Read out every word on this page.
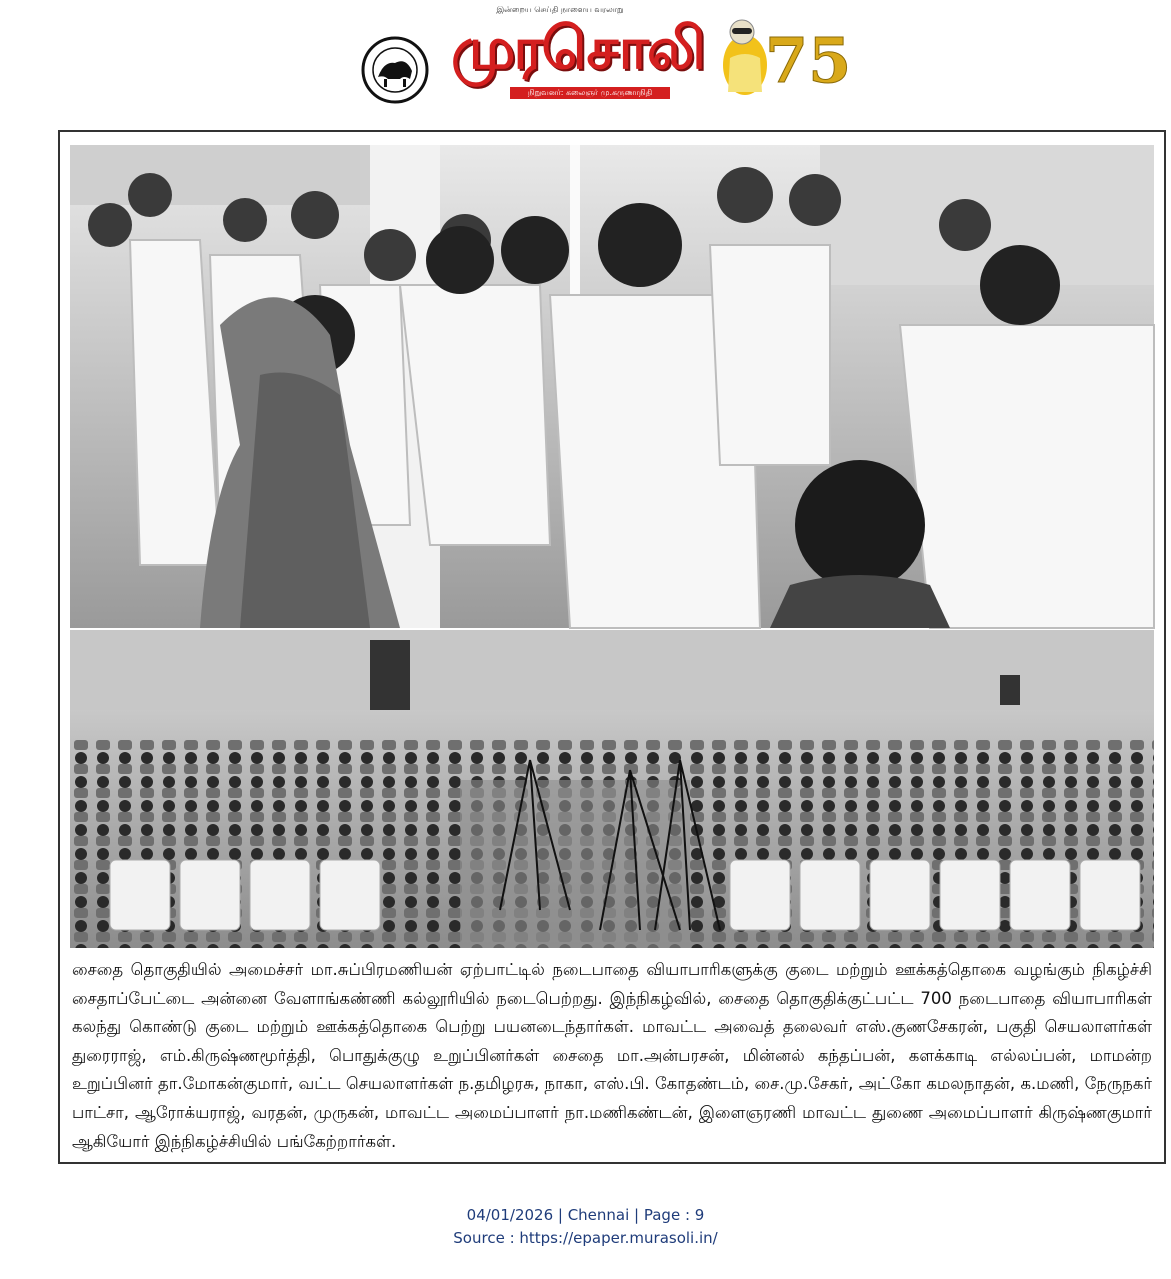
இன்றைய செய்தி நாளைய வரலாறு
முரசொலி
நிறுவனர்: கலைஞர் மு.கருணாநிதி 75
சைதை தொகுதியில் அமைச்சர் மா.சுப்பிரமணியன் ஏற்பாட்டில் நடைபாதை வியாபாரிகளுக்கு குடை மற்றும் ஊக்கத்தொகை வழங்கும் நிகழ்ச்சி சைதாப்பேட்டை அன்னை வேளாங்கண்ணி கல்லூரியில் நடைபெற்றது. இந்நிகழ்வில், சைதை தொகுதிக்குட்பட்ட 700 நடைபாதை வியாபாரிகள் கலந்து கொண்டு குடை மற்றும் ஊக்கத்தொகை பெற்று பயனடைந்தார்கள். மாவட்ட அவைத் தலைவர் எஸ்.குணசேகரன், பகுதி செயலாளர்கள் துரைராஜ், எம்.கிருஷ்ணமூர்த்தி, பொதுக்குழு உறுப்பினர்கள் சைதை மா.அன்பரசன், மின்னல் கந்தப்பன், களக்காடி எல்லப்பன், மாமன்ற உறுப்பினர் தா.மோகன்குமார், வட்ட செயலாளர்கள் ந.தமிழரசு, நாகா, எஸ்.பி. கோதண்டம், சை.மு.சேகர், அட்கோ கமலநாதன், க.மணி, நேருநகர் பாட்சா, ஆரோக்யராஜ், வரதன், முருகன், மாவட்ட அமைப்பாளர் நா.மணிகண்டன், இளைஞரணி மாவட்ட துணை அமைப்பாளர் கிருஷ்ணகுமார் ஆகியோர் இந்நிகழ்ச்சியில் பங்கேற்றார்கள்.
04/01/2026 | Chennai | Page : 9
Source : https://epaper.murasoli.in/
